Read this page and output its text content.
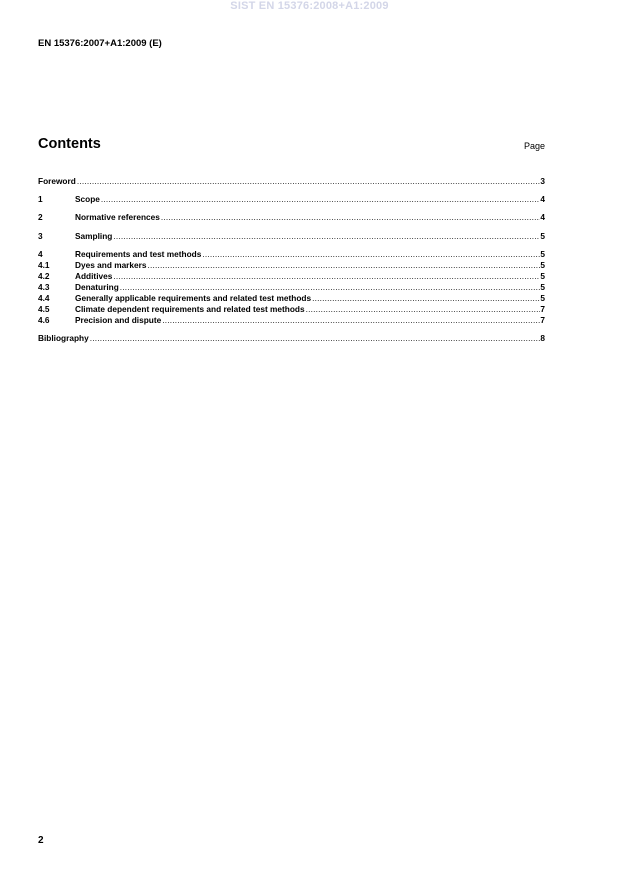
SIST EN 15376:2008+A1:2009
EN 15376:2007+A1:2009 (E)
Contents	Page
Foreword .....	3
1	Scope .....	4
2	Normative references .....	4
3	Sampling .....	5
4	Requirements and test methods .....	5
4.1	Dyes and markers .....	5
4.2	Additives .....	5
4.3	Denaturing .....	5
4.4	Generally applicable requirements and related test methods .....	5
4.5	Climate dependent requirements and related test methods .....	7
4.6	Precision and dispute .....	7
Bibliography .....	8
2
